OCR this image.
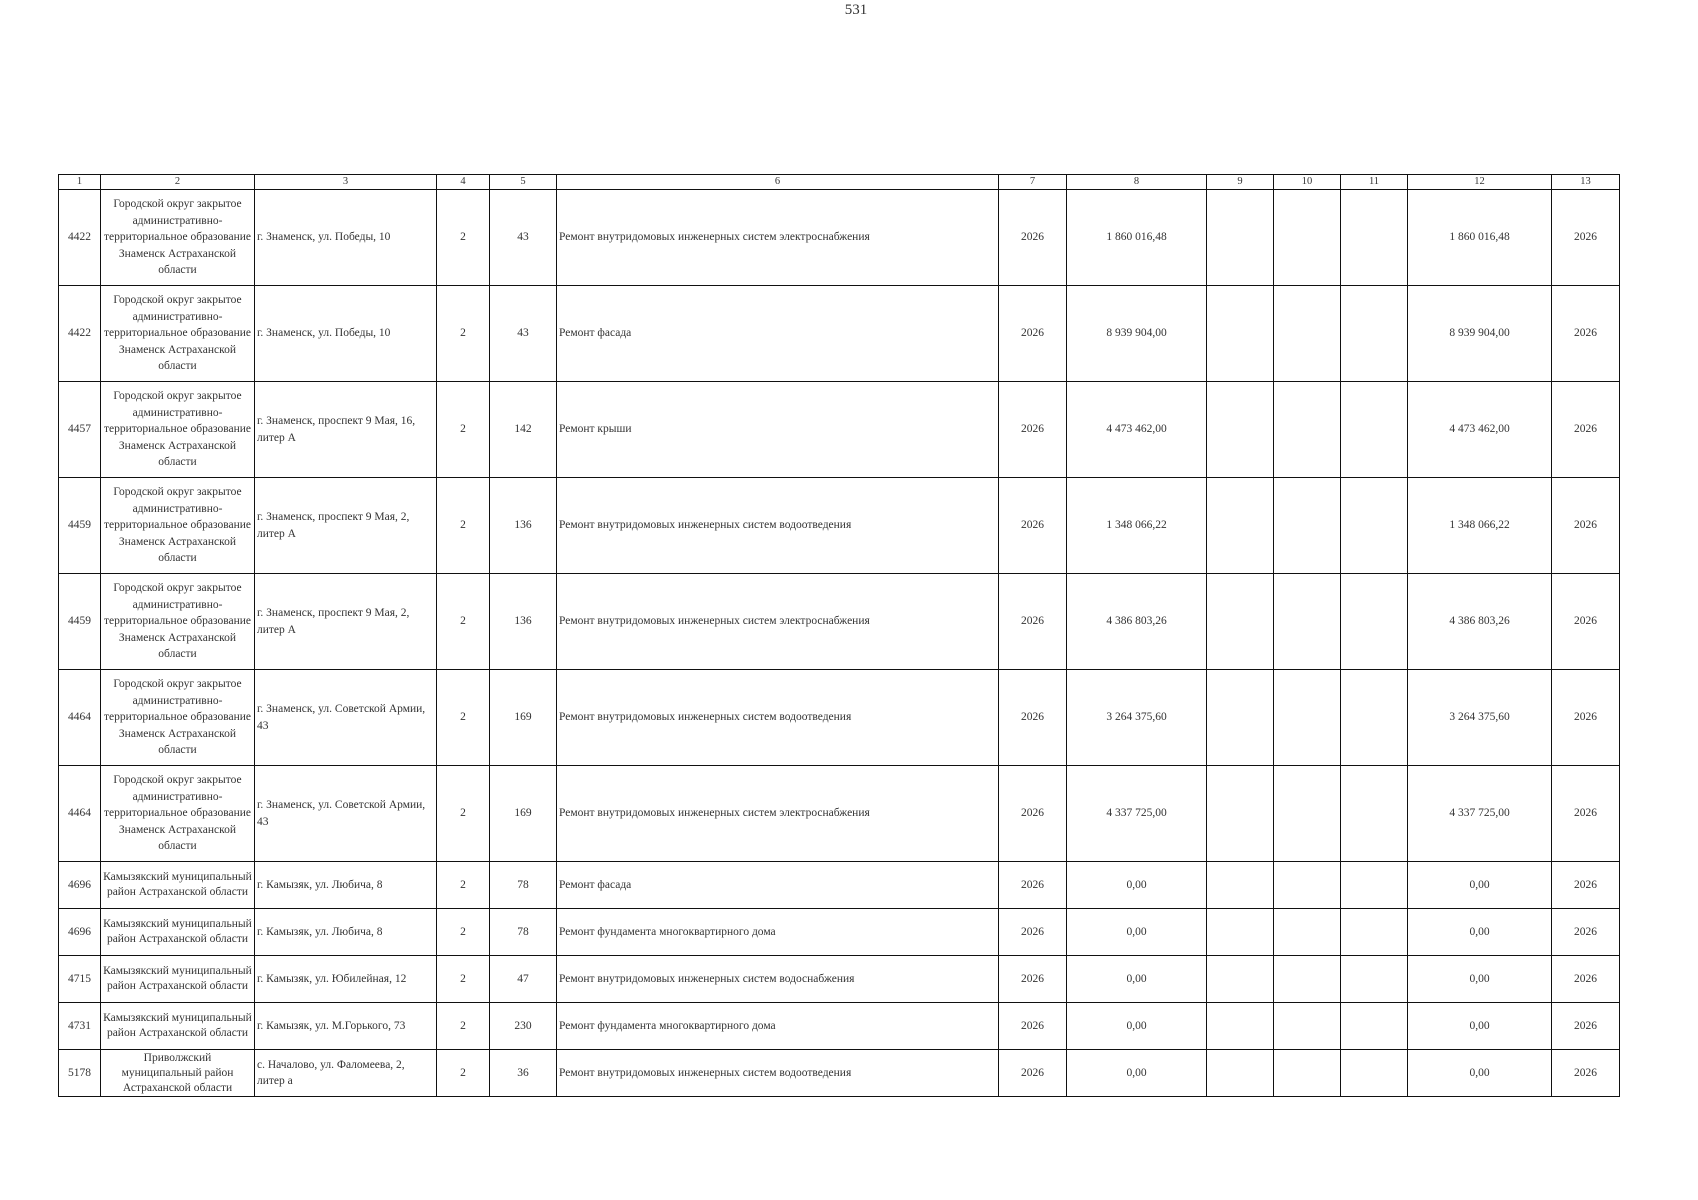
531
1	2	3	4	5	6	7	8	9	10	11	12	13
4422	Городской округ закрытое административно-территориальное образование Знаменск Астраханской области	г. Знаменск, ул. Победы, 10	2	43	Ремонт внутридомовых инженерных систем электроснабжения	2026	1 860 016,48				1 860 016,48	2026
4422	Городской округ закрытое административно-территориальное образование Знаменск Астраханской области	г. Знаменск, ул. Победы, 10	2	43	Ремонт фасада	2026	8 939 904,00				8 939 904,00	2026
4457	Городской округ закрытое административно-территориальное образование Знаменск Астраханской области	г. Знаменск, проспект 9 Мая, 16, литер А	2	142	Ремонт крыши	2026	4 473 462,00				4 473 462,00	2026
4459	Городской округ закрытое административно-территориальное образование Знаменск Астраханской области	г. Знаменск, проспект 9 Мая, 2, литер А	2	136	Ремонт внутридомовых инженерных систем водоотведения	2026	1 348 066,22				1 348 066,22	2026
4459	Городской округ закрытое административно-территориальное образование Знаменск Астраханской области	г. Знаменск, проспект 9 Мая, 2, литер А	2	136	Ремонт внутридомовых инженерных систем электроснабжения	2026	4 386 803,26				4 386 803,26	2026
4464	Городской округ закрытое административно-территориальное образование Знаменск Астраханской области	г. Знаменск, ул. Советской Армии, 43	2	169	Ремонт внутридомовых инженерных систем водоотведения	2026	3 264 375,60				3 264 375,60	2026
4464	Городской округ закрытое административно-территориальное образование Знаменск Астраханской области	г. Знаменск, ул. Советской Армии, 43	2	169	Ремонт внутридомовых инженерных систем электроснабжения	2026	4 337 725,00				4 337 725,00	2026
4696	Камызякский муниципальный район Астраханской области	г. Камызяк, ул. Любича, 8	2	78	Ремонт фасада	2026	0,00				0,00	2026
4696	Камызякский муниципальный район Астраханской области	г. Камызяк, ул. Любича, 8	2	78	Ремонт фундамента многоквартирного дома	2026	0,00				0,00	2026
4715	Камызякский муниципальный район Астраханской области	г. Камызяк, ул. Юбилейная, 12	2	47	Ремонт внутридомовых инженерных систем водоснабжения	2026	0,00				0,00	2026
4731	Камызякский муниципальный район Астраханской области	г. Камызяк, ул. М.Горького, 73	2	230	Ремонт фундамента многоквартирного дома	2026	0,00				0,00	2026
5178	Приволжский муниципальный район Астраханской области	с. Началово, ул. Фаломеева, 2, литер а	2	36	Ремонт внутридомовых инженерных систем водоотведения	2026	0,00				0,00	2026
